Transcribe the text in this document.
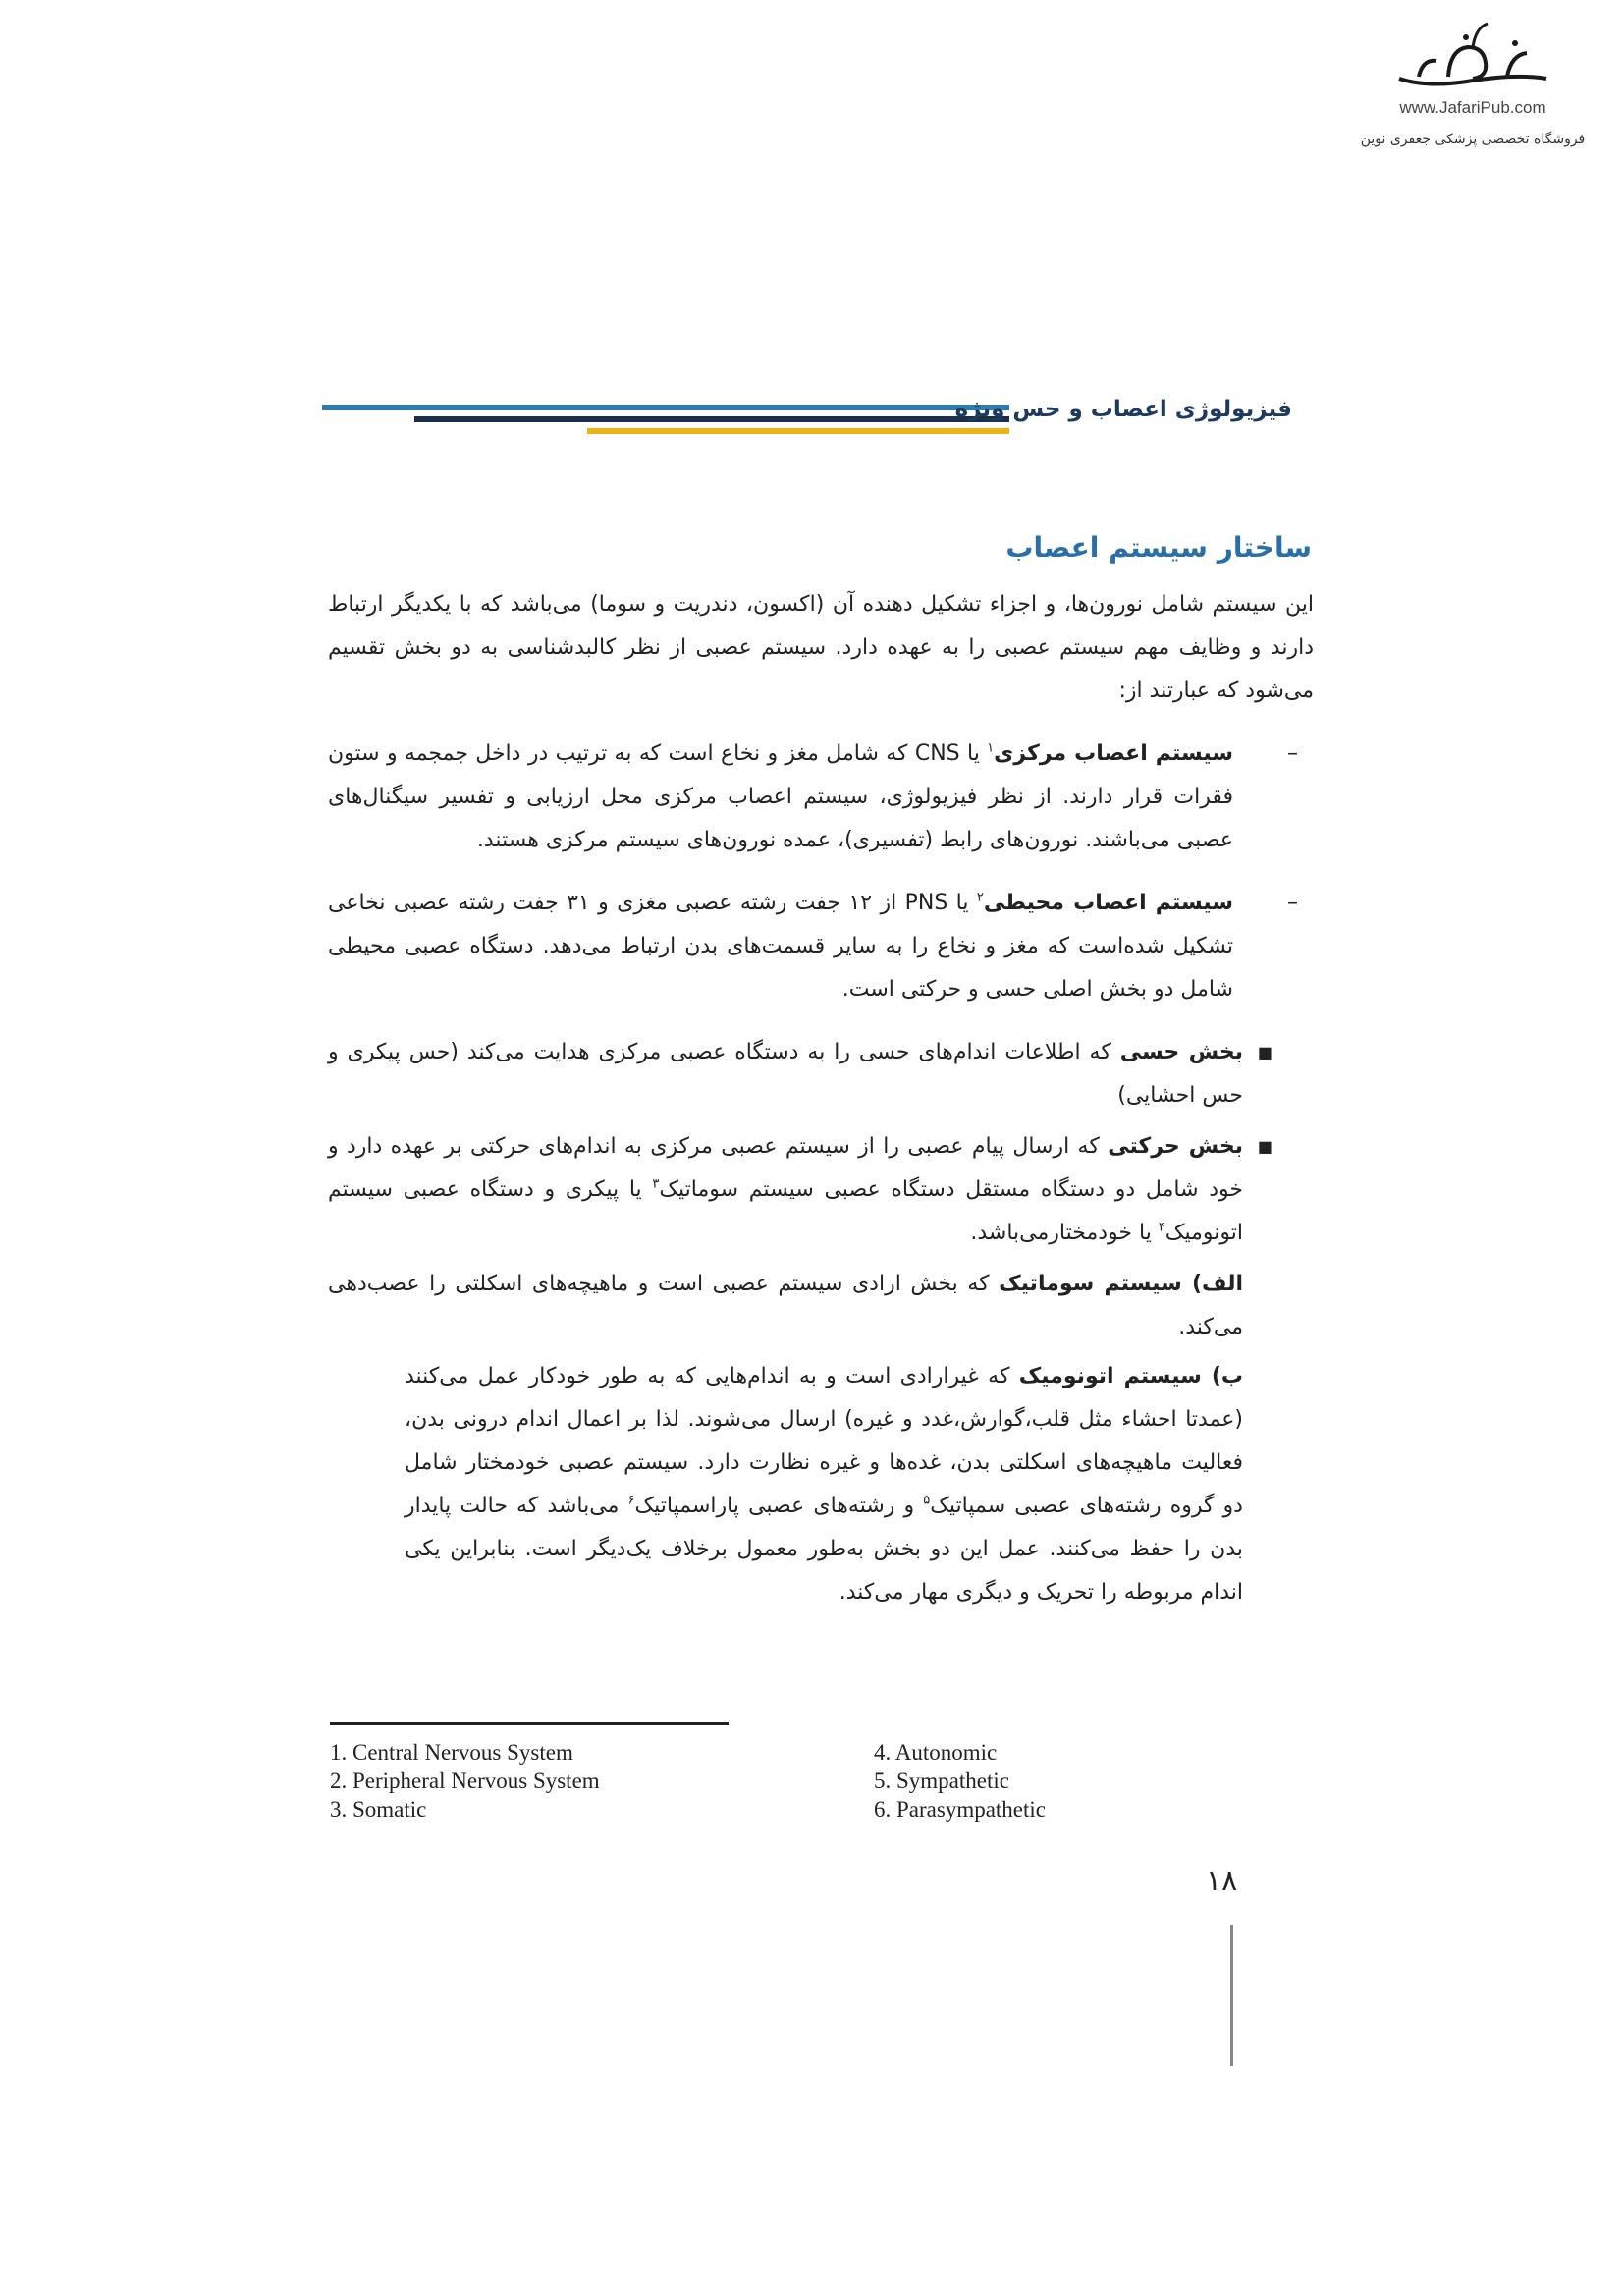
www.JafariPub.com
فروشگاه تخصصی پزشکی جعفری نوین
فیزیولوژی اعصاب و حس ویژه
ساختار سیستم اعصاب

این سیستم شامل نورون‌ها، و اجزاء تشکیل دهنده آن (اکسون، دندریت و سوما) می‌باشد که با یکدیگر ارتباط دارند و وظایف مهم سیستم عصبی را به عهده دارد. سیستم عصبی از نظر کالبدشناسی به دو بخش تقسیم می‌شود که عبارتند از:

–
سیستم اعصاب مرکزی$^۱$ یا CNS که شامل مغز و نخاع است که به ترتیب در داخل جمجمه و ستون فقرات قرار دارند. از نظر فیزیولوژی، سیستم اعصاب مرکزی محل ارزیابی و تفسیر سیگنال‌های عصبی می‌باشند. نورون‌های رابط (تفسیری)، عمده نورون‌های سیستم مرکزی هستند.

–
سیستم اعصاب محیطی$^۲$ یا PNS از ۱۲ جفت رشته عصبی مغزی و ۳۱ جفت رشته عصبی نخاعی تشکیل شده‌است که مغز و نخاع را به سایر قسمت‌های بدن ارتباط می‌دهد. دستگاه عصبی محیطی شامل دو بخش اصلی حسی و حرکتی است.

■
بخش حسی که اطلاعات اندام‌های حسی را به دستگاه عصبی مرکزی هدایت می‌کند (حس پیکری و حس احشایی)

■
بخش حرکتی که ارسال پیام عصبی را از سیستم عصبی مرکزی به اندام‌های حرکتی بر عهده دارد و خود شامل دو دستگاه مستقل دستگاه عصبی سیستم سوماتیک$^۳$ یا پیکری و دستگاه عصبی سیستم اتونومیک$^۴$ یا خودمختارمی‌باشد.

الف) سیستم سوماتیک که بخش ارادی سیستم عصبی است و ماهیچه‌های اسکلتی را عصب‌دهی می‌کند.

ب) سیستم اتونومیک که غیرارادی است و به اندام‌هایی که به طور خودکار عمل می‌کنند (عمدتا احشاء مثل قلب،گوارش،غدد و غیره) ارسال می‌شوند. لذا بر اعمال اندام درونی بدن، فعالیت ماهیچه‌های اسکلتی بدن، غده‌ها و غیره نظارت دارد. سیستم عصبی خودمختار شامل دو گروه رشته‌های عصبی سمپاتیک$^۵$ و رشته‌های عصبی پاراسمپاتیک$^۶$ می‌باشد که حالت پایدار بدن را حفظ می‌کنند. عمل این دو بخش به‌طور معمول برخلاف یک‌دیگر است. بنابراین یکی اندام مربوطه را تحریک و دیگری مهار می‌کند.

1. Central Nervous System
2. Peripheral Nervous System
3. Somatic
4. Autonomic
5. Sympathetic
6. Parasympathetic
۱۸
